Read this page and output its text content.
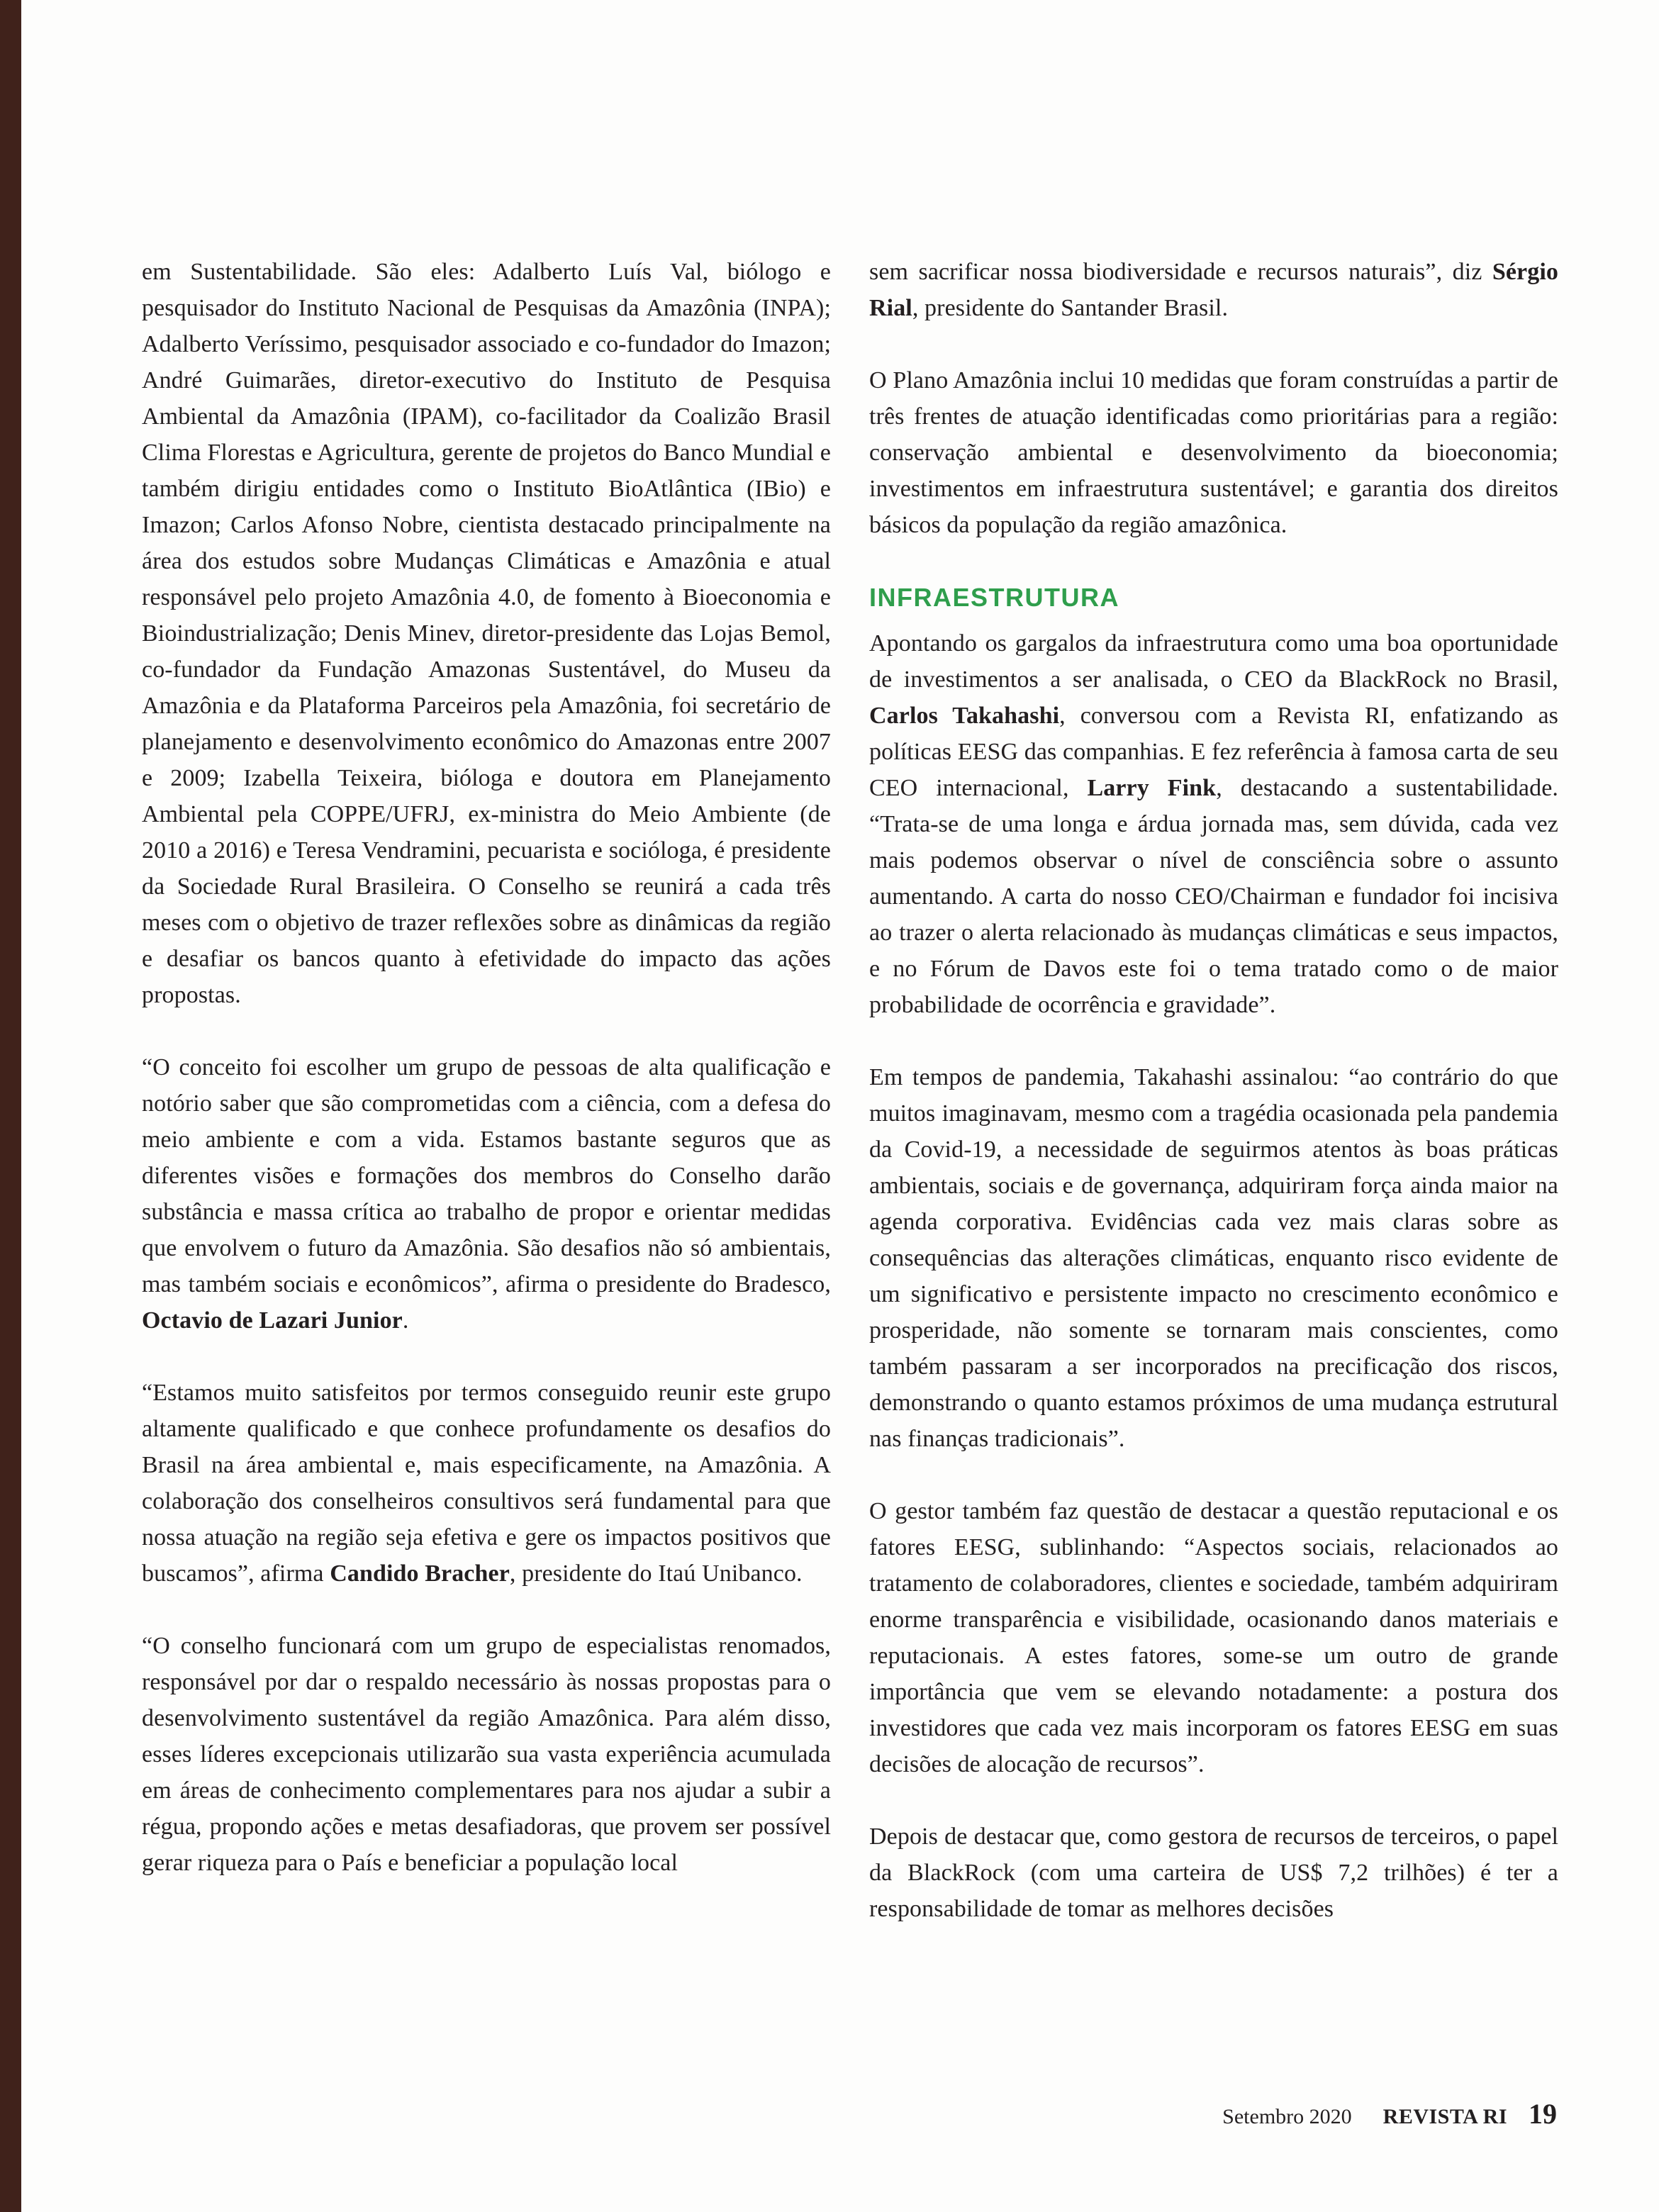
em Sustentabilidade. São eles: Adalberto Luís Val, biólogo e pesquisador do Instituto Nacional de Pesquisas da Amazônia (INPA); Adalberto Veríssimo, pesquisador associado e co-fundador do Imazon; André Guimarães, diretor-executivo do Instituto de Pesquisa Ambiental da Amazônia (IPAM), co-facilitador da Coalizão Brasil Clima Florestas e Agricultura, gerente de projetos do Banco Mundial e também dirigiu entidades como o Instituto BioAtlântica (IBio) e Imazon; Carlos Afonso Nobre, cientista destacado principalmente na área dos estudos sobre Mudanças Climáticas e Amazônia e atual responsável pelo projeto Amazônia 4.0, de fomento à Bioeconomia e Bioindustrialização; Denis Minev, diretor-presidente das Lojas Bemol, co-fundador da Fundação Amazonas Sustentável, do Museu da Amazônia e da Plataforma Parceiros pela Amazônia, foi secretário de planejamento e desenvolvimento econômico do Amazonas entre 2007 e 2009; Izabella Teixeira, bióloga e doutora em Planejamento Ambiental pela COPPE/UFRJ, ex-ministra do Meio Ambiente (de 2010 a 2016) e Teresa Vendramini, pecuarista e socióloga, é presidente da Sociedade Rural Brasileira. O Conselho se reunirá a cada três meses com o objetivo de trazer reflexões sobre as dinâmicas da região e desafiar os bancos quanto à efetividade do impacto das ações propostas.

“O conceito foi escolher um grupo de pessoas de alta qualificação e notório saber que são comprometidas com a ciência, com a defesa do meio ambiente e com a vida. Estamos bastante seguros que as diferentes visões e formações dos membros do Conselho darão substância e massa crítica ao trabalho de propor e orientar medidas que envolvem o futuro da Amazônia. São desafios não só ambientais, mas também sociais e econômicos”, afirma o presidente do Bradesco, Octavio de Lazari Junior.

“Estamos muito satisfeitos por termos conseguido reunir este grupo altamente qualificado e que conhece profundamente os desafios do Brasil na área ambiental e, mais especificamente, na Amazônia. A colaboração dos conselheiros consultivos será fundamental para que nossa atuação na região seja efetiva e gere os impactos positivos que buscamos”, afirma Candido Bracher, presidente do Itaú Unibanco.

“O conselho funcionará com um grupo de especialistas renomados, responsável por dar o respaldo necessário às nossas propostas para o desenvolvimento sustentável da região Amazônica. Para além disso, esses líderes excepcionais utilizarão sua vasta experiência acumulada em áreas de conhecimento complementares para nos ajudar a subir a régua, propondo ações e metas desafiadoras, que provem ser possível gerar riqueza para o País e beneficiar a população local

sem sacrificar nossa biodiversidade e recursos naturais”, diz Sérgio Rial, presidente do Santander Brasil.

O Plano Amazônia inclui 10 medidas que foram construídas a partir de três frentes de atuação identificadas como prioritárias para a região: conservação ambiental e desenvolvimento da bioeconomia; investimentos em infraestrutura sustentável; e garantia dos direitos básicos da população da região amazônica.

INFRAESTRUTURA

Apontando os gargalos da infraestrutura como uma boa oportunidade de investimentos a ser analisada, o CEO da BlackRock no Brasil, Carlos Takahashi, conversou com a Revista RI, enfatizando as políticas EESG das companhias. E fez referência à famosa carta de seu CEO internacional, Larry Fink, destacando a sustentabilidade. “Trata-se de uma longa e árdua jornada mas, sem dúvida, cada vez mais podemos observar o nível de consciência sobre o assunto aumentando. A carta do nosso CEO/Chairman e fundador foi incisiva ao trazer o alerta relacionado às mudanças climáticas e seus impactos, e no Fórum de Davos este foi o tema tratado como o de maior probabilidade de ocorrência e gravidade”.

Em tempos de pandemia, Takahashi assinalou: “ao contrário do que muitos imaginavam, mesmo com a tragédia ocasionada pela pandemia da Covid-19, a necessidade de seguirmos atentos às boas práticas ambientais, sociais e de governança, adquiriram força ainda maior na agenda corporativa. Evidências cada vez mais claras sobre as consequências das alterações climáticas, enquanto risco evidente de um significativo e persistente impacto no crescimento econômico e prosperidade, não somente se tornaram mais conscientes, como também passaram a ser incorporados na precificação dos riscos, demonstrando o quanto estamos próximos de uma mudança estrutural nas finanças tradicionais”.

O gestor também faz questão de destacar a questão reputacional e os fatores EESG, sublinhando: “Aspectos sociais, relacionados ao tratamento de colaboradores, clientes e sociedade, também adquiriram enorme transparência e visibilidade, ocasionando danos materiais e reputacionais. A estes fatores, some-se um outro de grande importância que vem se elevando notadamente: a postura dos investidores que cada vez mais incorporam os fatores EESG em suas decisões de alocação de recursos”.

Depois de destacar que, como gestora de recursos de terceiros, o papel da BlackRock (com uma carteira de US$ 7,2 trilhões) é ter a responsabilidade de tomar as melhores decisões

Setembro 2020 REVISTA RI 19
